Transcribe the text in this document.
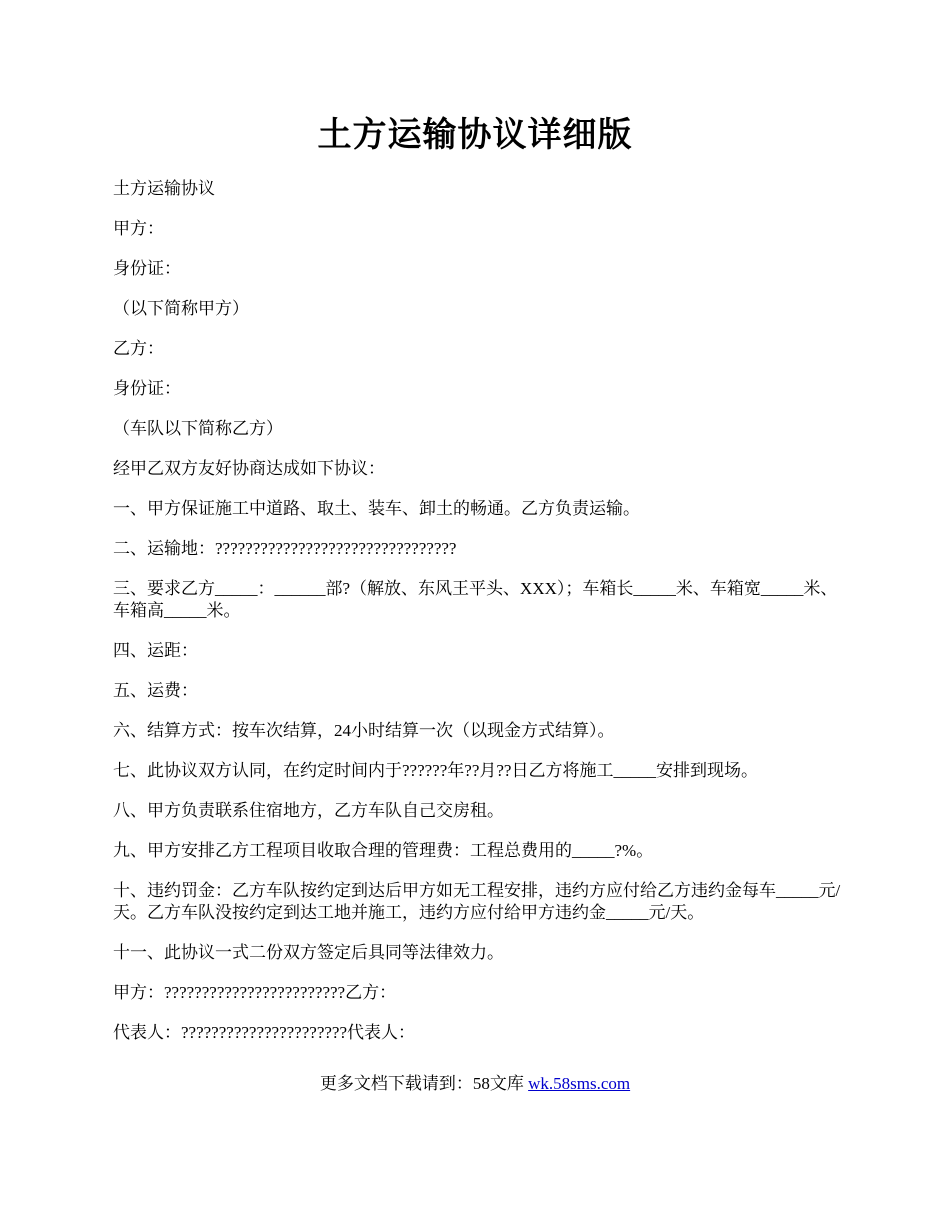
土方运输协议详细版

土方运输协议

甲方：

身份证：

（以下简称甲方）

乙方：

身份证：

（车队以下简称乙方）

经甲乙双方友好协商达成如下协议：

一、甲方保证施工中道路、取土、装车、卸土的畅通。乙方负责运输。

二、运输地：????????????????????????????????

三、要求乙方_____：______部?（解放、东风王平头、XXX）；车箱长_____米、车箱宽_____米、车箱高_____米。

四、运距：

五、运费：

六、结算方式：按车次结算，24小时结算一次（以现金方式结算）。

七、此协议双方认同，在约定时间内于??????年??月??日乙方将施工_____安排到现场。

八、甲方负责联系住宿地方，乙方车队自己交房租。

九、甲方安排乙方工程项目收取合理的管理费：工程总费用的_____?%。

十、违约罚金：乙方车队按约定到达后甲方如无工程安排，违约方应付给乙方违约金每车_____元/天。乙方车队没按约定到达工地并施工，违约方应付给甲方违约金_____元/天。

十一、此协议一式二份双方签定后具同等法律效力。

甲方：????????????????????????乙方：

代表人：??????????????????????代表人：

更多文档下载请到：58文库 wk.58sms.com
